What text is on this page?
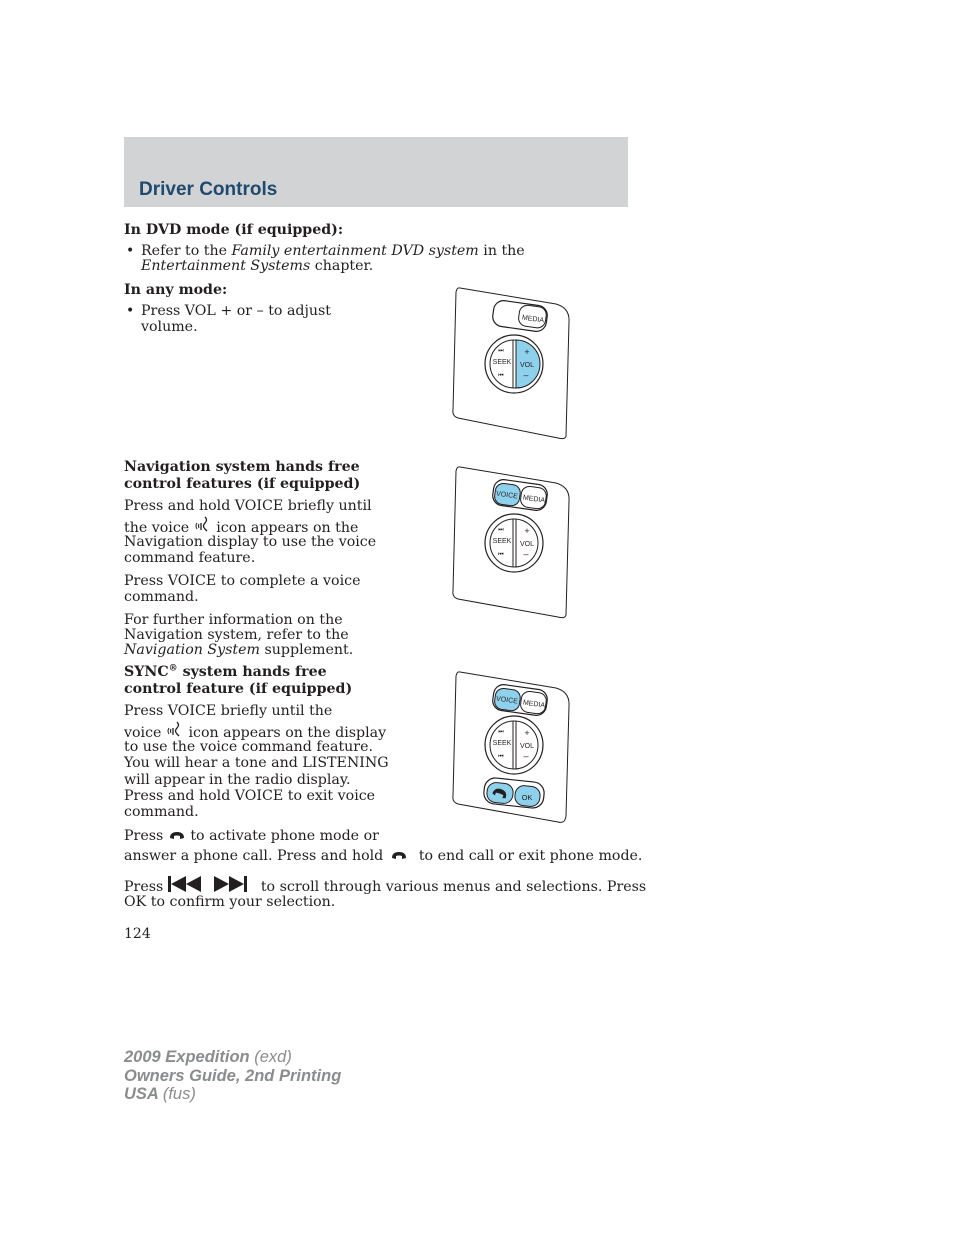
Driver Controls

In DVD mode (if equipped):

• Refer to the Family entertainment DVD system in the

Entertainment Systems chapter.

In any mode:

• Press VOL + or – to adjust

volume.	MEDIA
SEEK
⏭
⏮
+
VOL
–

Navigation system hands free

control features (if equipped)

Press and hold VOICE briefly until

the voice icon appears on the

Navigation display to use the voice

command feature.

Press VOICE to complete a voice

command.

For further information on the

Navigation system, refer to the

Navigation System supplement.

VOICE MEDIA
SEEK
⏭
⏮
+
VOL
–

SYNC® system hands free

control feature (if equipped)

Press VOICE briefly until the

voice icon appears on the display

to use the voice command feature.

You will hear a tone and LISTENING

will appear in the radio display.

Press and hold VOICE to exit voice

command.

Press to activate phone mode or

answer a phone call. Press and hold	to end call or exit phone mode.

Press	to scroll through various menus and selections. Press

OK to confirm your selection.

VOICE MEDIA
SEEK
⏭
⏮
+
VOL
–
OK

124

2009 Expedition (exd)

Owners Guide, 2nd Printing

USA (fus)
